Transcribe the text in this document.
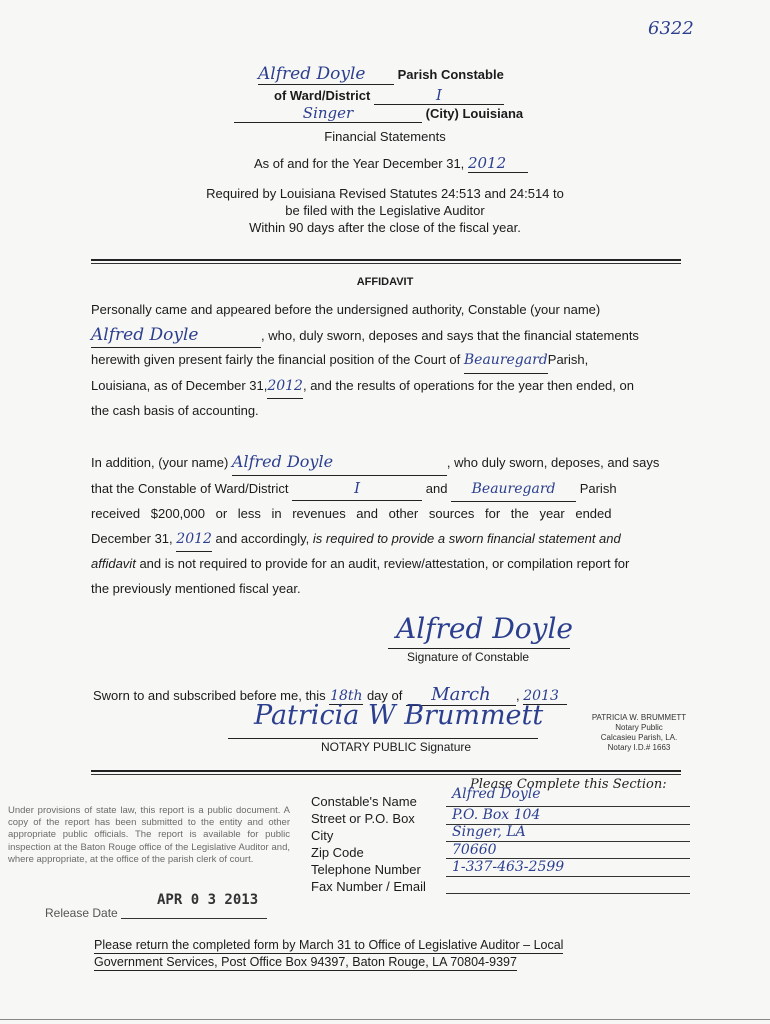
6322
Alfred Doyle Parish Constable
of Ward/District	I
Singer	(City) Louisiana
Financial Statements
As of and for the Year December 31, 2012
Required by Louisiana Revised Statutes 24:513 and 24:514 to
be filed with the Legislative Auditor
Within 90 days after the close of the fiscal year.
AFFIDAVIT
Personally came and appeared before the undersigned authority, Constable (your name)
Alfred Doyle	, who, duly sworn, deposes and says that the financial statements
herewith given present fairly the financial position of the Court of BeauregardParish,
Louisiana, as of December 31,2012, and the results of operations for the year then ended, on
the cash basis of accounting.
In addition, (your name) Alfred Doyle	, who duly sworn, deposes, and says
that the Constable of Ward/District	I	and Beauregard Parish
received $200,000 or less in revenues and other sources for the year ended
December 31, 2012 and accordingly, is required to provide a sworn financial statement and
affidavit and is not required to provide for an audit, review/attestation, or compilation report for
the previously mentioned fiscal year.
Alfred Doyle
Signature of Constable
Sworn to and subscribed before me, this 18th day of March , 2013
Patricia W Brummett
NOTARY PUBLIC Signature
PATRICIA W. BRUMMETT
Notary Public
Calcasieu Parish, LA.
Notary I.D.# 1663
Under provisions of state law, this report is a public document. A copy of the report has been submitted to the entity and other appropriate public officials. The report is available for public inspection at the Baton Rouge office of the Legislative Auditor and, where appropriate, at the office of the parish clerk of court.
Please Complete this Section:
Constable's Name	Alfred Doyle
Street or P.O. Box	P.O. Box 104
City	Singer, LA
Zip Code	70660
Telephone Number 1-337-463-2599
Fax Number / Email
Release Date
APR 0 3 2013
Please return the completed form by March 31 to Office of Legislative Auditor – Local
Government Services, Post Office Box 94397, Baton Rouge, LA 70804-9397
